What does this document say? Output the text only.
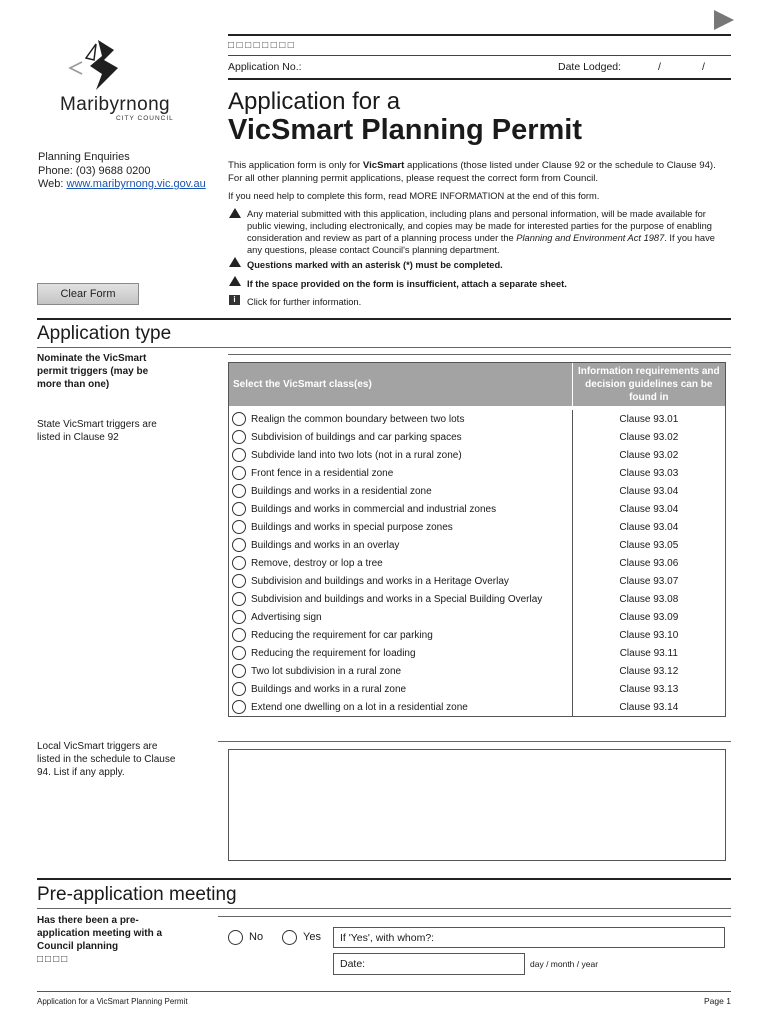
Maribyrnong
CITY COUNCIL
Planning Enquiries
Phone: (03) 9688 0200
Web: www.maribyrnong.vic.gov.au
Clear Form
□□□□□□□□
Application No.:	Date Lodged:	/	/
Application for a
VicSmart Planning Permit
This application form is only for VicSmart applications (those listed under Clause 92 or the schedule to Clause 94). For all other planning permit applications, please request the correct form from Council.
If you need help to complete this form, read MORE INFORMATION at the end of this form.
Any material submitted with this application, including plans and personal information, will be made available for public viewing, including electronically, and copies may be made for interested parties for the purpose of enabling consideration and review as part of a planning process under the Planning and Environment Act 1987. If you have any questions, please contact Council's planning department.
Questions marked with an asterisk (*) must be completed.
If the space provided on the form is insufficient, attach a separate sheet.
i	Click for further information.
Application type
Nominate the VicSmart permit triggers (may be more than one)
State VicSmart triggers are listed in Clause 92
Select the VicSmart class(es)
Information requirements and decision guidelines can be found in
Realign the common boundary between two lots	Clause 93.01
Subdivision of buildings and car parking spaces	Clause 93.02
Subdivide land into two lots (not in a rural zone)	Clause 93.02
Front fence in a residential zone	Clause 93.03
Buildings and works in a residential zone	Clause 93.04
Buildings and works in commercial and industrial zones	Clause 93.04
Buildings and works in special purpose zones	Clause 93.04
Buildings and works in an overlay	Clause 93.05
Remove, destroy or lop a tree	Clause 93.06
Subdivision and buildings and works in a Heritage Overlay	Clause 93.07
Subdivision and buildings and works in a Special Building Overlay	Clause 93.08
Advertising sign	Clause 93.09
Reducing the requirement for car parking	Clause 93.10
Reducing the requirement for loading	Clause 93.11
Two lot subdivision in a rural zone	Clause 93.12
Buildings and works in a rural zone	Clause 93.13
Extend one dwelling on a lot in a residential zone	Clause 93.14
Local VicSmart triggers are listed in the schedule to Clause 94. List if any apply.
Pre-application meeting
Has there been a pre-application meeting with a Council planning
□□□□
No	Yes If 'Yes', with whom?:
Date:	day / month / year
Application for a VicSmart Planning Permit	Page 1
